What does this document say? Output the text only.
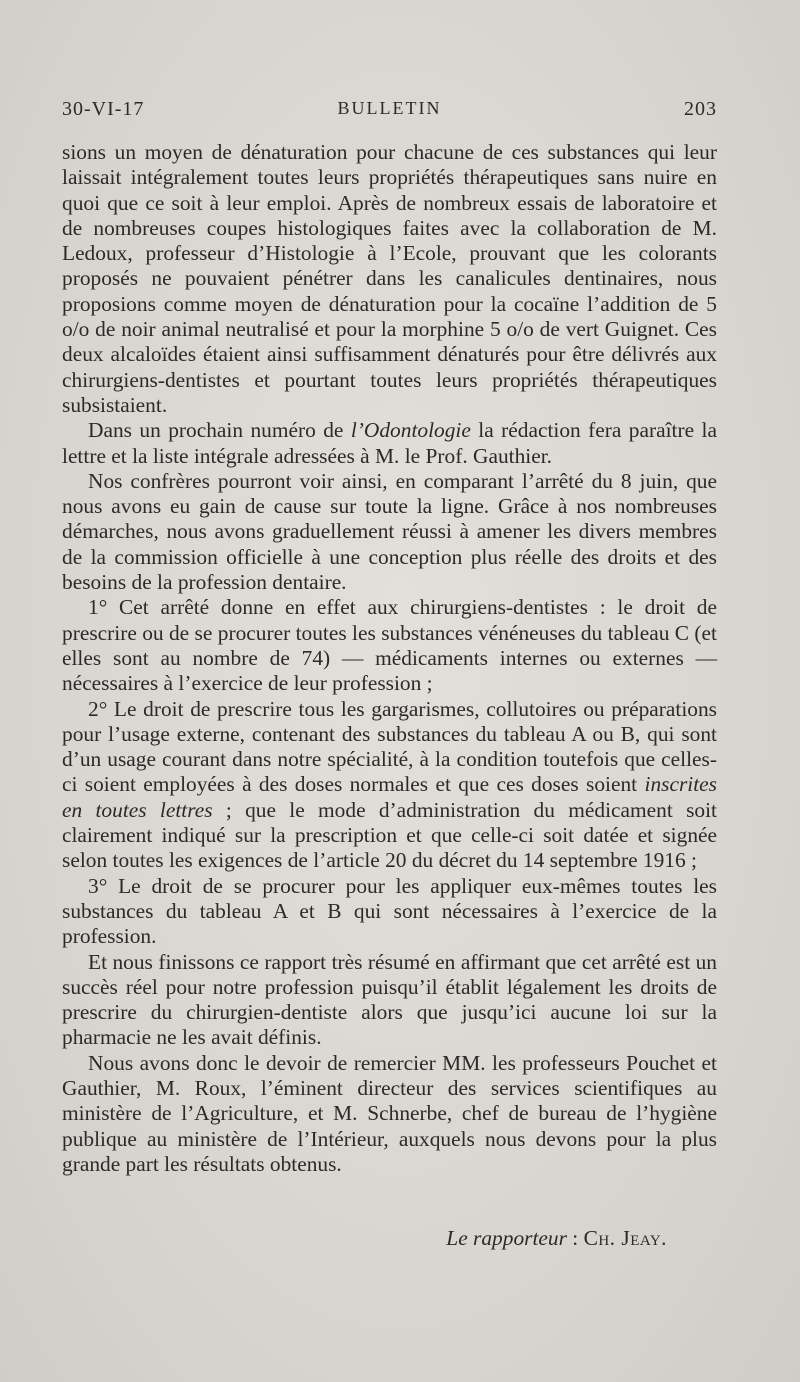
30-VI-17	BULLETIN	203

sions un moyen de dénaturation pour chacune de ces substances qui leur laissait intégralement toutes leurs propriétés thérapeutiques sans nuire en quoi que ce soit à leur emploi. Après de nombreux essais de laboratoire et de nombreuses coupes histologiques faites avec la collaboration de M. Ledoux, professeur d’Histologie à l’Ecole, prouvant que les colorants proposés ne pouvaient pénétrer dans les canalicules dentinaires, nous proposions comme moyen de dénaturation pour la cocaïne l’addition de 5 o/o de noir animal neutralisé et pour la morphine 5 o/o de vert Guignet. Ces deux alcaloïdes étaient ainsi suffisamment dénaturés pour être délivrés aux chirurgiens-dentistes et pourtant toutes leurs propriétés thérapeutiques subsistaient.

Dans un prochain numéro de l’Odontologie la rédaction fera paraître la lettre et la liste intégrale adressées à M. le Prof. Gauthier.

Nos confrères pourront voir ainsi, en comparant l’arrêté du 8 juin, que nous avons eu gain de cause sur toute la ligne. Grâce à nos nombreuses démarches, nous avons graduellement réussi à amener les divers membres de la commission officielle à une conception plus réelle des droits et des besoins de la profession dentaire.

1° Cet arrêté donne en effet aux chirurgiens-dentistes : le droit de prescrire ou de se procurer toutes les substances vénéneuses du tableau C (et elles sont au nombre de 74) — médicaments internes ou externes — nécessaires à l’exercice de leur profession ;

2° Le droit de prescrire tous les gargarismes, collutoires ou préparations pour l’usage externe, contenant des substances du tableau A ou B, qui sont d’un usage courant dans notre spécialité, à la condition toutefois que celles-ci soient employées à des doses normales et que ces doses soient inscrites en toutes lettres ; que le mode d’administration du médicament soit clairement indiqué sur la prescription et que celle-ci soit datée et signée selon toutes les exigences de l’article 20 du décret du 14 septembre 1916 ;

3° Le droit de se procurer pour les appliquer eux-mêmes toutes les substances du tableau A et B qui sont nécessaires à l’exercice de la profession.

Et nous finissons ce rapport très résumé en affirmant que cet arrêté est un succès réel pour notre profession puisqu’il établit légalement les droits de prescrire du chirurgien-dentiste alors que jusqu’ici aucune loi sur la pharmacie ne les avait définis.

Nous avons donc le devoir de remercier MM. les professeurs Pouchet et Gauthier, M. Roux, l’éminent directeur des services scientifiques au ministère de l’Agriculture, et M. Schnerbe, chef de bureau de l’hygiène publique au ministère de l’Intérieur, auxquels nous devons pour la plus grande part les résultats obtenus.

Le rapporteur : Ch. Jeay.
